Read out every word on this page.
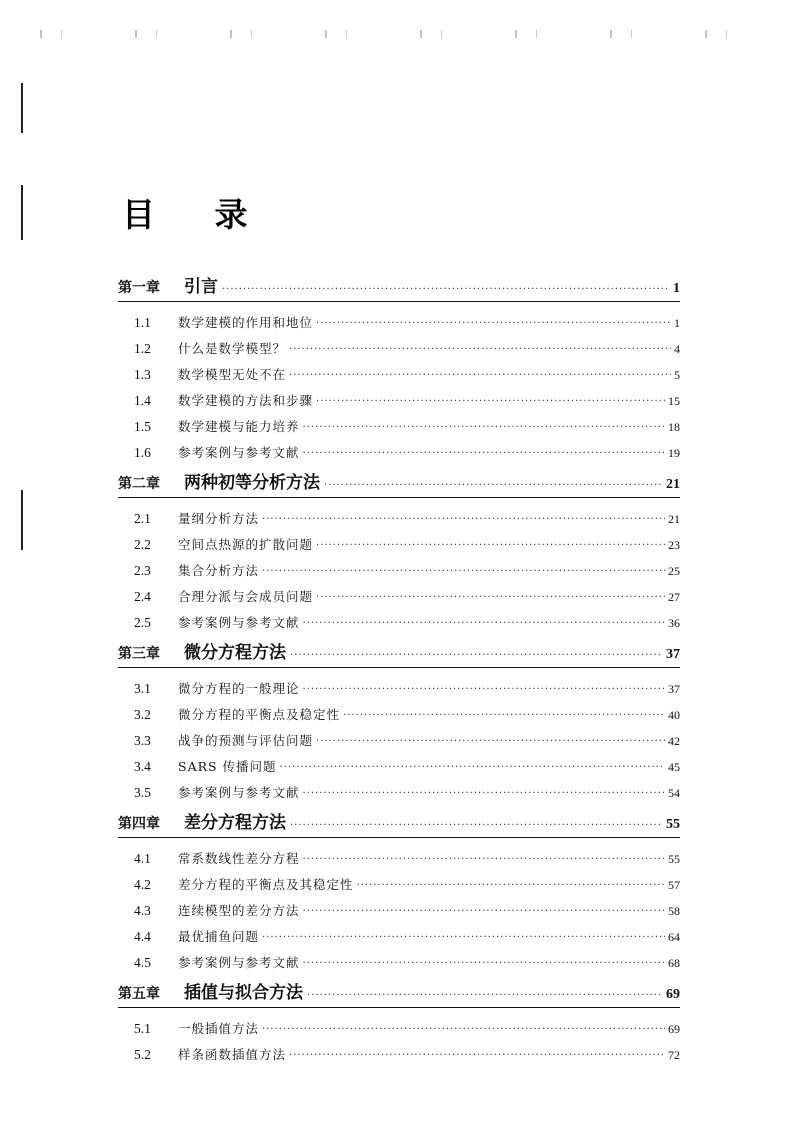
目 录
第一章	引言 ·····	1
1.1	数学建模的作用和地位 ·····	1
1.2	什么是数学模型？ ·····	4
1.3	数学模型无处不在 ·····	5
1.4	数学建模的方法和步骤 ·····	15
1.5	数学建模与能力培养 ·····	18
1.6	参考案例与参考文献 ·····	19
第二章	两种初等分析方法 ·····	21
2.1	量纲分析方法 ·····	21
2.2	空间点热源的扩散问题 ·····	23
2.3	集合分析方法 ·····	25
2.4	合理分派与会成员问题 ·····	27
2.5	参考案例与参考文献 ·····	36
第三章	微分方程方法 ·····	37
3.1	微分方程的一般理论 ·····	37
3.2	微分方程的平衡点及稳定性 ·····	40
3.3	战争的预测与评估问题 ·····	42
3.4	SARS 传播问题 ·····	45
3.5	参考案例与参考文献 ·····	54
第四章	差分方程方法 ·····	55
4.1	常系数线性差分方程 ·····	55
4.2	差分方程的平衡点及其稳定性 ·····	57
4.3	连续模型的差分方法 ·····	58
4.4	最优捕鱼问题 ·····	64
4.5	参考案例与参考文献 ·····	68
第五章	插值与拟合方法 ·····	69
5.1	一般插值方法 ·····	69
5.2	样条函数插值方法 ·····	72
